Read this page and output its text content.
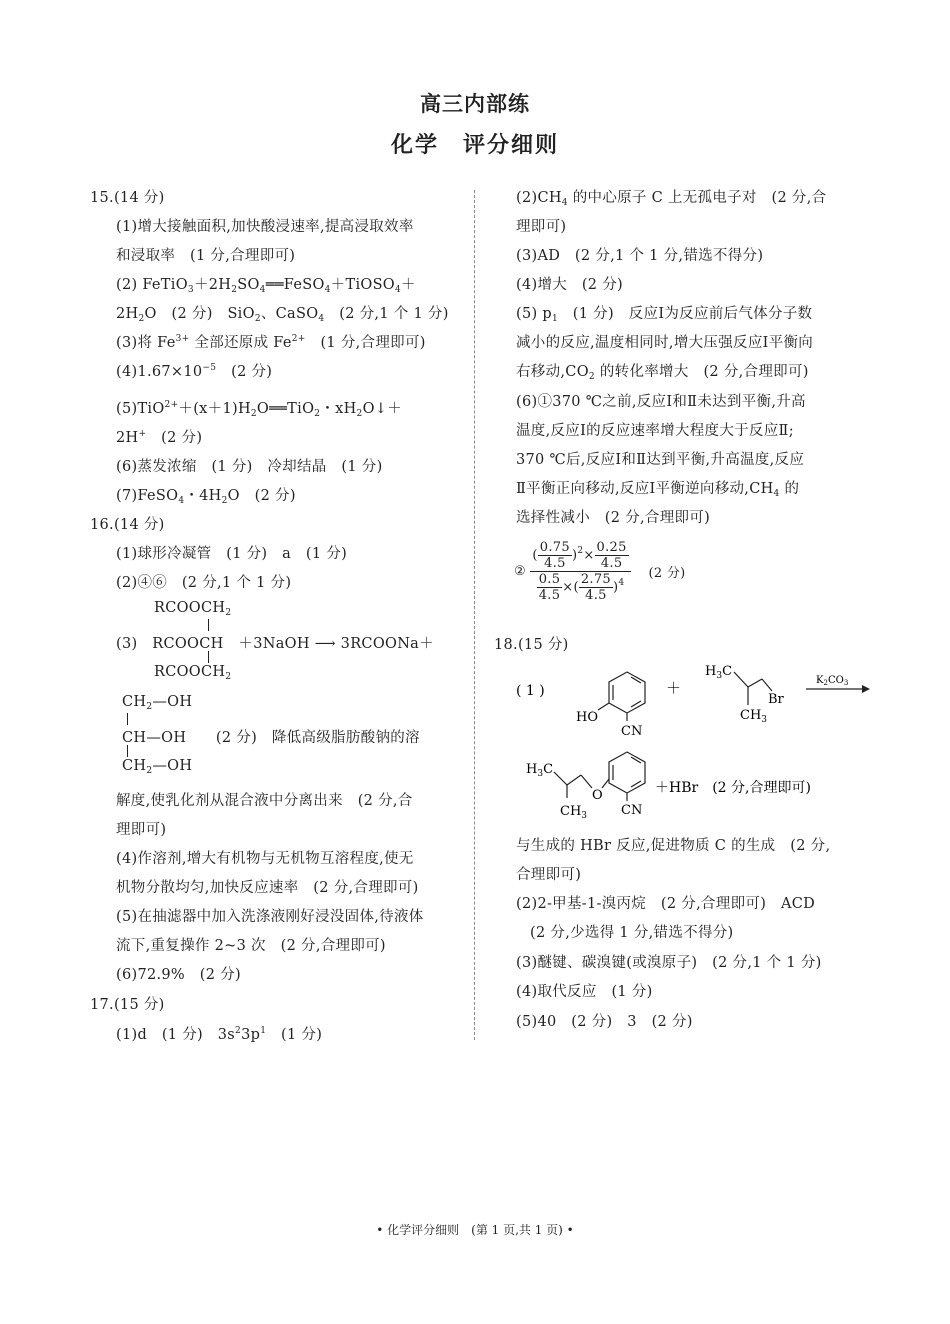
高三内部练
化学　评分细则
15.(14 分)
(1)增大接触面积,加快酸浸速率,提高浸取效率
和浸取率　(1 分,合理即可)
(2) $FeTiO_3+2H_2SO_4══FeSO_4+TiOSO_4+$
$2H_2O$　(2 分)　SiO$_2$、CaSO$_4$　(2 分,1 个 1 分)
(3)将 $Fe^{3+}$ 全部还原成 $Fe^{2+}$　(1 分,合理即可)
$(4)1.67\times 10^{-5}$　(2 分)
$(5)TiO^{2+}+(x+1)H_2O══TiO_2$・$xH_2O↓+$
2H+　(2 分)
(6)蒸发浓缩　(1 分)　冷却结晶　(1 分)
(7)FeSO$_4$・$4H_2O$　(2 分)
16.(14 分)
(1)球形冷凝管　(1 分)　a　(1 分)
(2)④⑥　(2 分,1 个 1 分)
$RCOOCH_2$
(3)　RCOOCH　 ＋3NaOH ⟶ 3RCOONa＋
$RCOOCH_2$
$CH_2—OH$
CH—OH　　 (2 分)　降低高级脂肪酸钠的溶
$CH_2—OH$
解度,使乳化剂从混合液中分离出来　(2 分,合
理即可)
(4)作溶剂,增大有机物与无机物互溶程度,使无
机物分散均匀,加快反应速率　(2 分,合理即可)
(5)在抽滤器中加入洗涤液刚好浸没固体,待液体
流下,重复操作 2~3 次　(2 分,合理即可)
(6)72.9%　(2 分)
17.(15 分)
(1)d　(1 分)　$3s^23p^1$　(1 分)
$(2)CH_4$ 的中心原子 C 上无孤电子对　(2 分,合
理即可)
(3)AD　(2 分,1 个 1 分,错选不得分)
(4)增大　(2 分)
(5) $p_1$　(1 分)　反应Ⅰ为反应前后气体分子数
减小的反应,温度相同时,增大压强反应Ⅰ平衡向
右移动$,CO_2$ 的转化率增大　(2 分,合理即可)
(6)①370 ℃之前,反应Ⅰ和Ⅱ未达到平衡,升高
温度,反应Ⅰ的反应速率增大程度大于反应Ⅱ;
370 ℃后,反应Ⅰ和Ⅱ达到平衡,升高温度,反应
Ⅱ平衡正向移动,反应Ⅰ平衡逆向移动$,CH_4$ 的
选择性减小　(2 分,合理即可)
② $\frac{( \frac{0.75}{4.5} )^2\times \frac{0.25}{4.5}}{\frac{0.5}{4.5} \times( \frac{2.75}{4.5} )^4}$
　 (2 分)
18.(15 分)
( 1 )
HO
CN
＋
$H_3C$
Br
$CH_3$
$K_2CO_3$
$H_3C$
O
$CH_3$	CN
＋HBr　(2 分,合理即可)
与生成的 HBr 反应,促进物质 C 的生成　(2 分,
合理即可)
(2)2-甲基-1-溴丙烷　(2 分,合理即可)　ACD
(2 分,少选得 1 分,错选不得分)
(3)醚键、碳溴键(或溴原子)　(2 分,1 个 1 分)
(4)取代反应　(1 分)
(5)40　(2 分)　3　(2 分)
• 化学评分细则　(第 1 页,共 1 页) •
